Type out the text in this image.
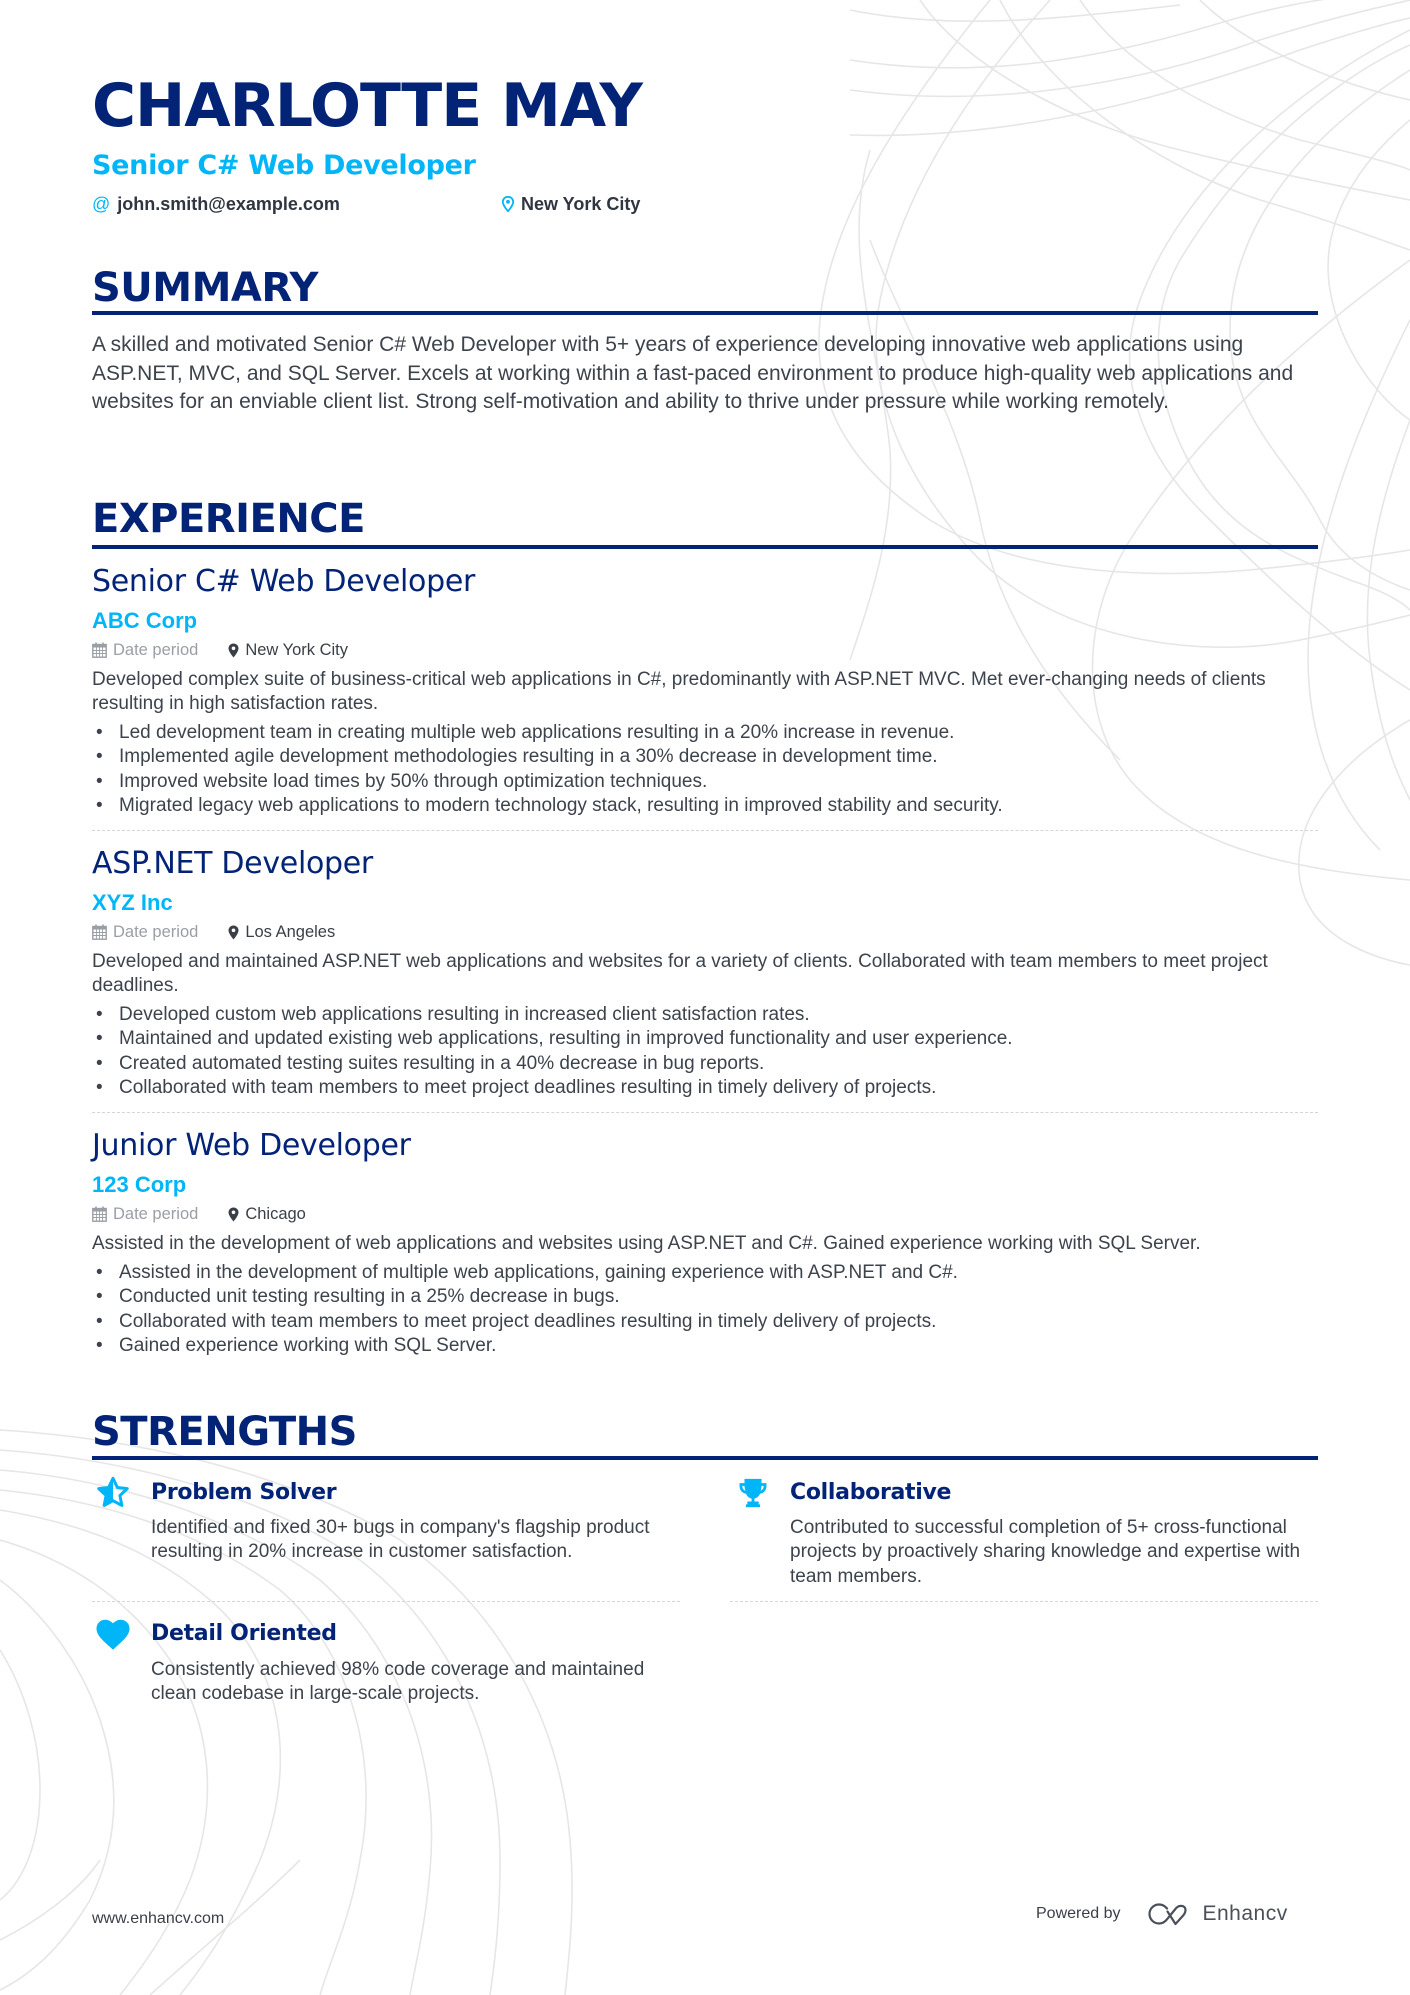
CHARLOTTE MAY
Senior C# Web Developer
@ john.smith@example.com	New York City
SUMMARY
A skilled and motivated Senior C# Web Developer with 5+ years of experience developing innovative web applications using ASP.NET, MVC, and SQL Server. Excels at working within a fast-paced environment to produce high-quality web applications and websites for an enviable client list. Strong self-motivation and ability to thrive under pressure while working remotely.
EXPERIENCE
Senior C# Web Developer
ABC Corp
Date period	New York City
Developed complex suite of business-critical web applications in C#, predominantly with ASP.NET MVC. Met ever-changing needs of clients resulting in high satisfaction rates.
• Led development team in creating multiple web applications resulting in a 20% increase in revenue.
• Implemented agile development methodologies resulting in a 30% decrease in development time.
• Improved website load times by 50% through optimization techniques.
• Migrated legacy web applications to modern technology stack, resulting in improved stability and security.
ASP.NET Developer
XYZ Inc
Date period	Los Angeles
Developed and maintained ASP.NET web applications and websites for a variety of clients. Collaborated with team members to meet project deadlines.
• Developed custom web applications resulting in increased client satisfaction rates.
• Maintained and updated existing web applications, resulting in improved functionality and user experience.
• Created automated testing suites resulting in a 40% decrease in bug reports.
• Collaborated with team members to meet project deadlines resulting in timely delivery of projects.
Junior Web Developer
123 Corp
Date period	Chicago
Assisted in the development of web applications and websites using ASP.NET and C#. Gained experience working with SQL Server.
• Assisted in the development of multiple web applications, gaining experience with ASP.NET and C#.
• Conducted unit testing resulting in a 25% decrease in bugs.
• Collaborated with team members to meet project deadlines resulting in timely delivery of projects.
• Gained experience working with SQL Server.
STRENGTHS
Problem Solver
Identified and fixed 30+ bugs in company's flagship product resulting in 20% increase in customer satisfaction.
Collaborative
Contributed to successful completion of 5+ cross-functional projects by proactively sharing knowledge and expertise with team members.
Detail Oriented
Consistently achieved 98% code coverage and maintained clean codebase in large-scale projects.
www.enhancv.com	Powered by	Enhancv
